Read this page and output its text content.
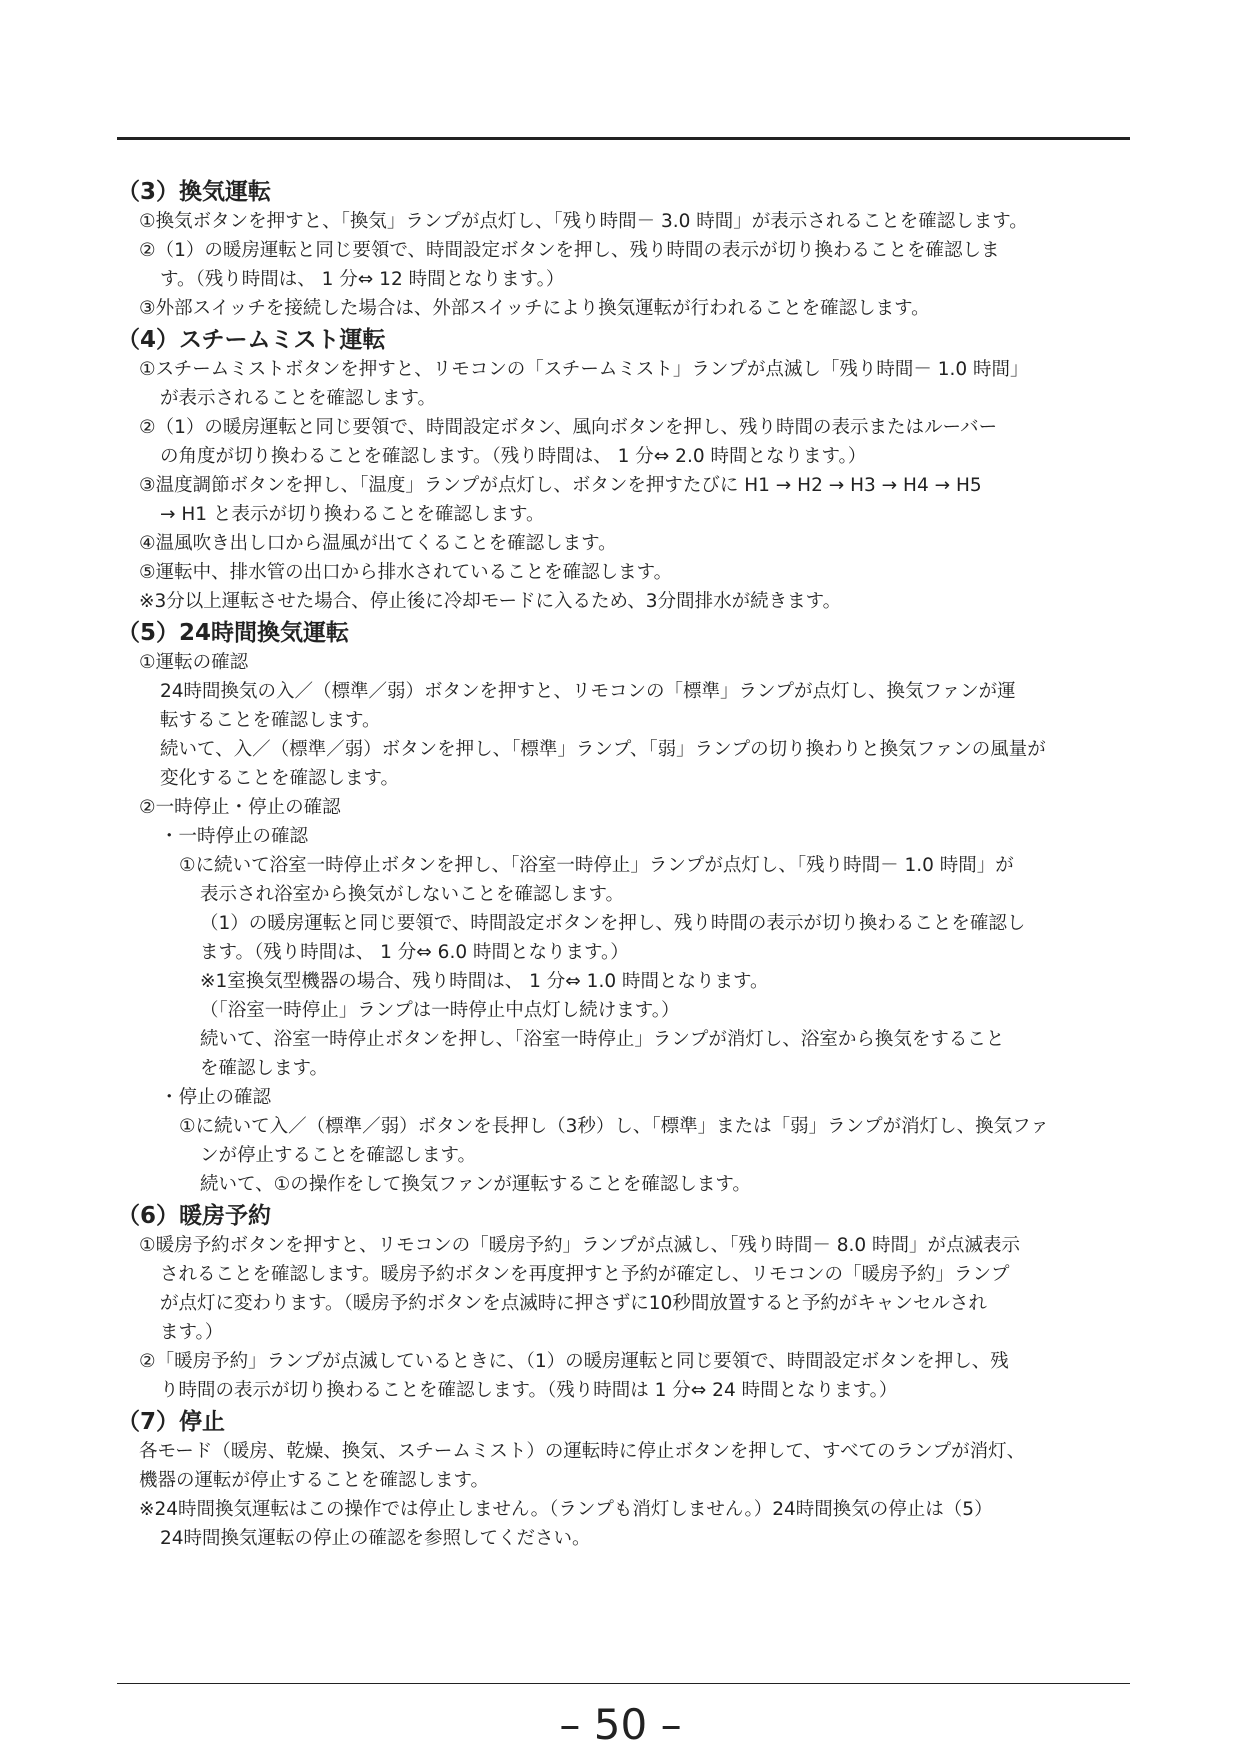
（3）換気運転
①換気ボタンを押すと、「換気」ランプが点灯し、「残り時間－ 3.0 時間」が表示されることを確認します。
②（1）の暖房運転と同じ要領で、時間設定ボタンを押し、残り時間の表示が切り換わることを確認しま
す。（残り時間は、 1 分⇔ 12 時間となります。）
③外部スイッチを接続した場合は、外部スイッチにより換気運転が行われることを確認します。
（4）スチームミスト運転
①スチームミストボタンを押すと、リモコンの「スチームミスト」ランプが点滅し「残り時間－ 1.0 時間」
が表示されることを確認します。
②（1）の暖房運転と同じ要領で、時間設定ボタン、風向ボタンを押し、残り時間の表示またはルーバー
の角度が切り換わることを確認します。（残り時間は、 1 分⇔ 2.0 時間となります。）
③温度調節ボタンを押し、「温度」ランプが点灯し、ボタンを押すたびに H1 → H2 → H3 → H4 → H5
→ H1 と表示が切り換わることを確認します。
④温風吹き出し口から温風が出てくることを確認します。
⑤運転中、排水管の出口から排水されていることを確認します。
※3分以上運転させた場合、停止後に冷却モードに入るため、3分間排水が続きます。
（5）24時間換気運転
①運転の確認
24時間換気の入／（標準／弱）ボタンを押すと、リモコンの「標準」ランプが点灯し、換気ファンが運
転することを確認します。
続いて、入／（標準／弱）ボタンを押し、「標準」ランプ、「弱」ランプの切り換わりと換気ファンの風量が
変化することを確認します。
②一時停止・停止の確認
・一時停止の確認
①に続いて浴室一時停止ボタンを押し、「浴室一時停止」ランプが点灯し、「残り時間－ 1.0 時間」が
表示され浴室から換気がしないことを確認します。
（1）の暖房運転と同じ要領で、時間設定ボタンを押し、残り時間の表示が切り換わることを確認し
ます。（残り時間は、 1 分⇔ 6.0 時間となります。）
※1室換気型機器の場合、残り時間は、 1 分⇔ 1.0 時間となります。
（「浴室一時停止」ランプは一時停止中点灯し続けます。）
続いて、浴室一時停止ボタンを押し、「浴室一時停止」ランプが消灯し、浴室から換気をすること
を確認します。
・停止の確認
①に続いて入／（標準／弱）ボタンを長押し（3秒）し、「標準」または「弱」ランプが消灯し、換気ファ
ンが停止することを確認します。
続いて、①の操作をして換気ファンが運転することを確認します。
（6）暖房予約
①暖房予約ボタンを押すと、リモコンの「暖房予約」ランプが点滅し、「残り時間－ 8.0 時間」が点滅表示
されることを確認します。暖房予約ボタンを再度押すと予約が確定し、リモコンの「暖房予約」ランプ
が点灯に変わります。（暖房予約ボタンを点滅時に押さずに10秒間放置すると予約がキャンセルされ
ます。）
②「暖房予約」ランプが点滅しているときに、（1）の暖房運転と同じ要領で、時間設定ボタンを押し、残
り時間の表示が切り換わることを確認します。（残り時間は 1 分⇔ 24 時間となります。）
（7）停止
各モード（暖房、乾燥、換気、スチームミスト）の運転時に停止ボタンを押して、すべてのランプが消灯、
機器の運転が停止することを確認します。
※24時間換気運転はこの操作では停止しません。（ランプも消灯しません。）24時間換気の停止は（5）
24時間換気運転の停止の確認を参照してください。
– 50 –
